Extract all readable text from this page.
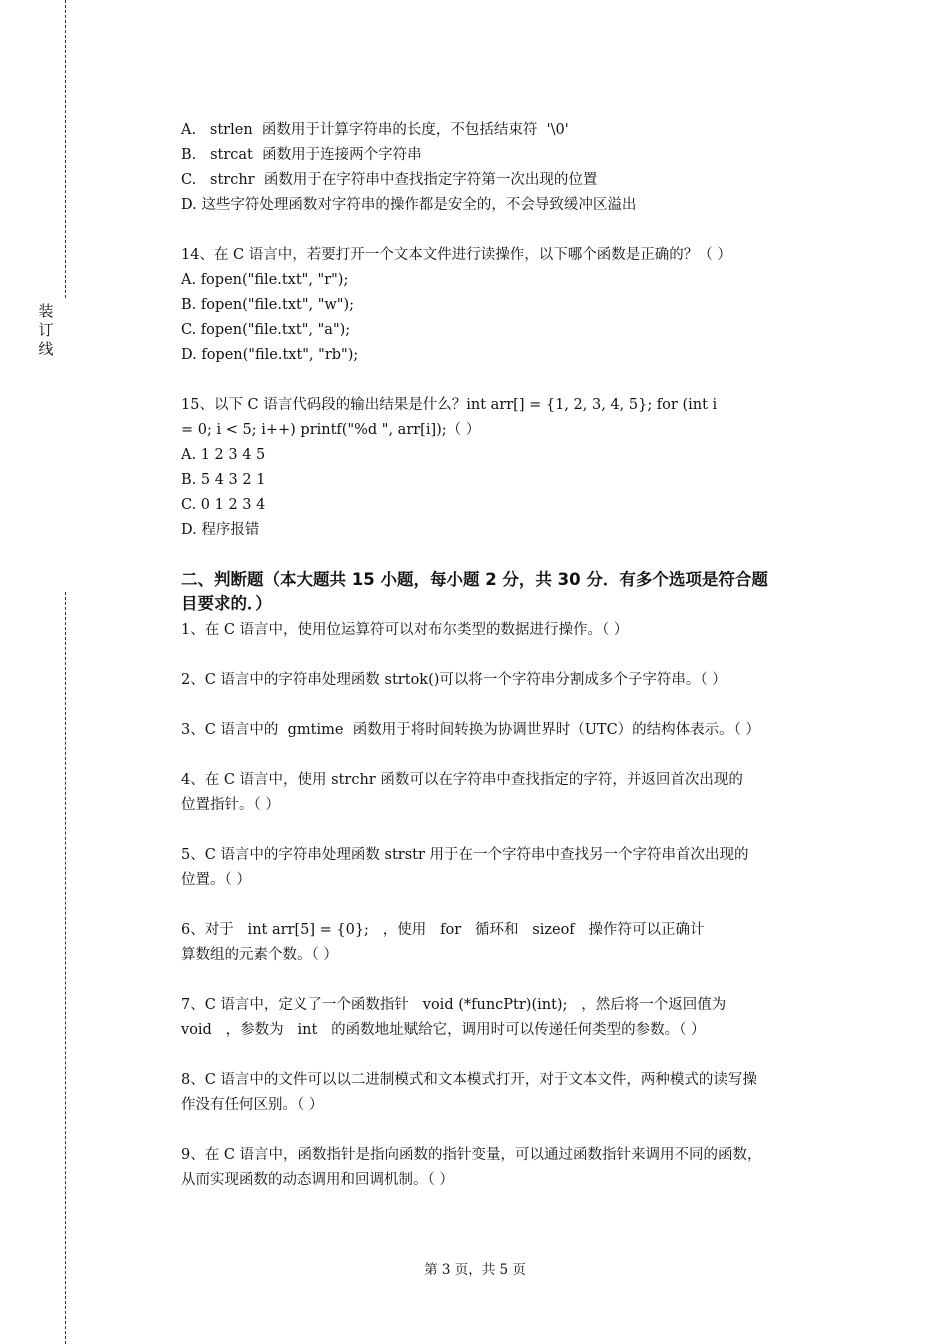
装
订
线
A.   strlen  函数用于计算字符串的长度，不包括结束符  '\0'
B.   strcat  函数用于连接两个字符串
C.   strchr  函数用于在字符串中查找指定字符第一次出现的位置
D. 这些字符处理函数对字符串的操作都是安全的，不会导致缓冲区溢出
14、在 C 语言中，若要打开一个文本文件进行读操作，以下哪个函数是正确的？（ ）
A. fopen("file.txt", "r");
B. fopen("file.txt", "w");
C. fopen("file.txt", "a");
D. fopen("file.txt", "rb");
15、以下 C 语言代码段的输出结果是什么？int arr[] = {1, 2, 3, 4, 5}; for (int i
= 0; i < 5; i++) printf("%d ", arr[i]);（ ）
A. 1 2 3 4 5
B. 5 4 3 2 1
C. 0 1 2 3 4
D. 程序报错
二、判断题（本大题共 15 小题，每小题 2 分，共 30 分．有多个选项是符合题
目要求的．）
1、在 C 语言中，使用位运算符可以对布尔类型的数据进行操作。（ ）
2、C 语言中的字符串处理函数 strtok()可以将一个字符串分割成多个子字符串。（ ）
3、C 语言中的  gmtime  函数用于将时间转换为协调世界时（UTC）的结构体表示。（ ）
4、在 C 语言中，使用 strchr 函数可以在字符串中查找指定的字符，并返回首次出现的
位置指针。（ ）
5、C 语言中的字符串处理函数 strstr 用于在一个字符串中查找另一个字符串首次出现的
位置。（ ）
6、对于   int arr[5] = {0};   ，使用   for   循环和   sizeof   操作符可以正确计
算数组的元素个数。（ ）
7、C 语言中，定义了一个函数指针   void (*funcPtr)(int);   ，然后将一个返回值为
void   ，参数为   int   的函数地址赋给它，调用时可以传递任何类型的参数。（ ）
8、C 语言中的文件可以以二进制模式和文本模式打开，对于文本文件，两种模式的读写操
作没有任何区别。（ ）
9、在 C 语言中，函数指针是指向函数的指针变量，可以通过函数指针来调用不同的函数，
从而实现函数的动态调用和回调机制。（ ）
第 3 页，共 5 页
